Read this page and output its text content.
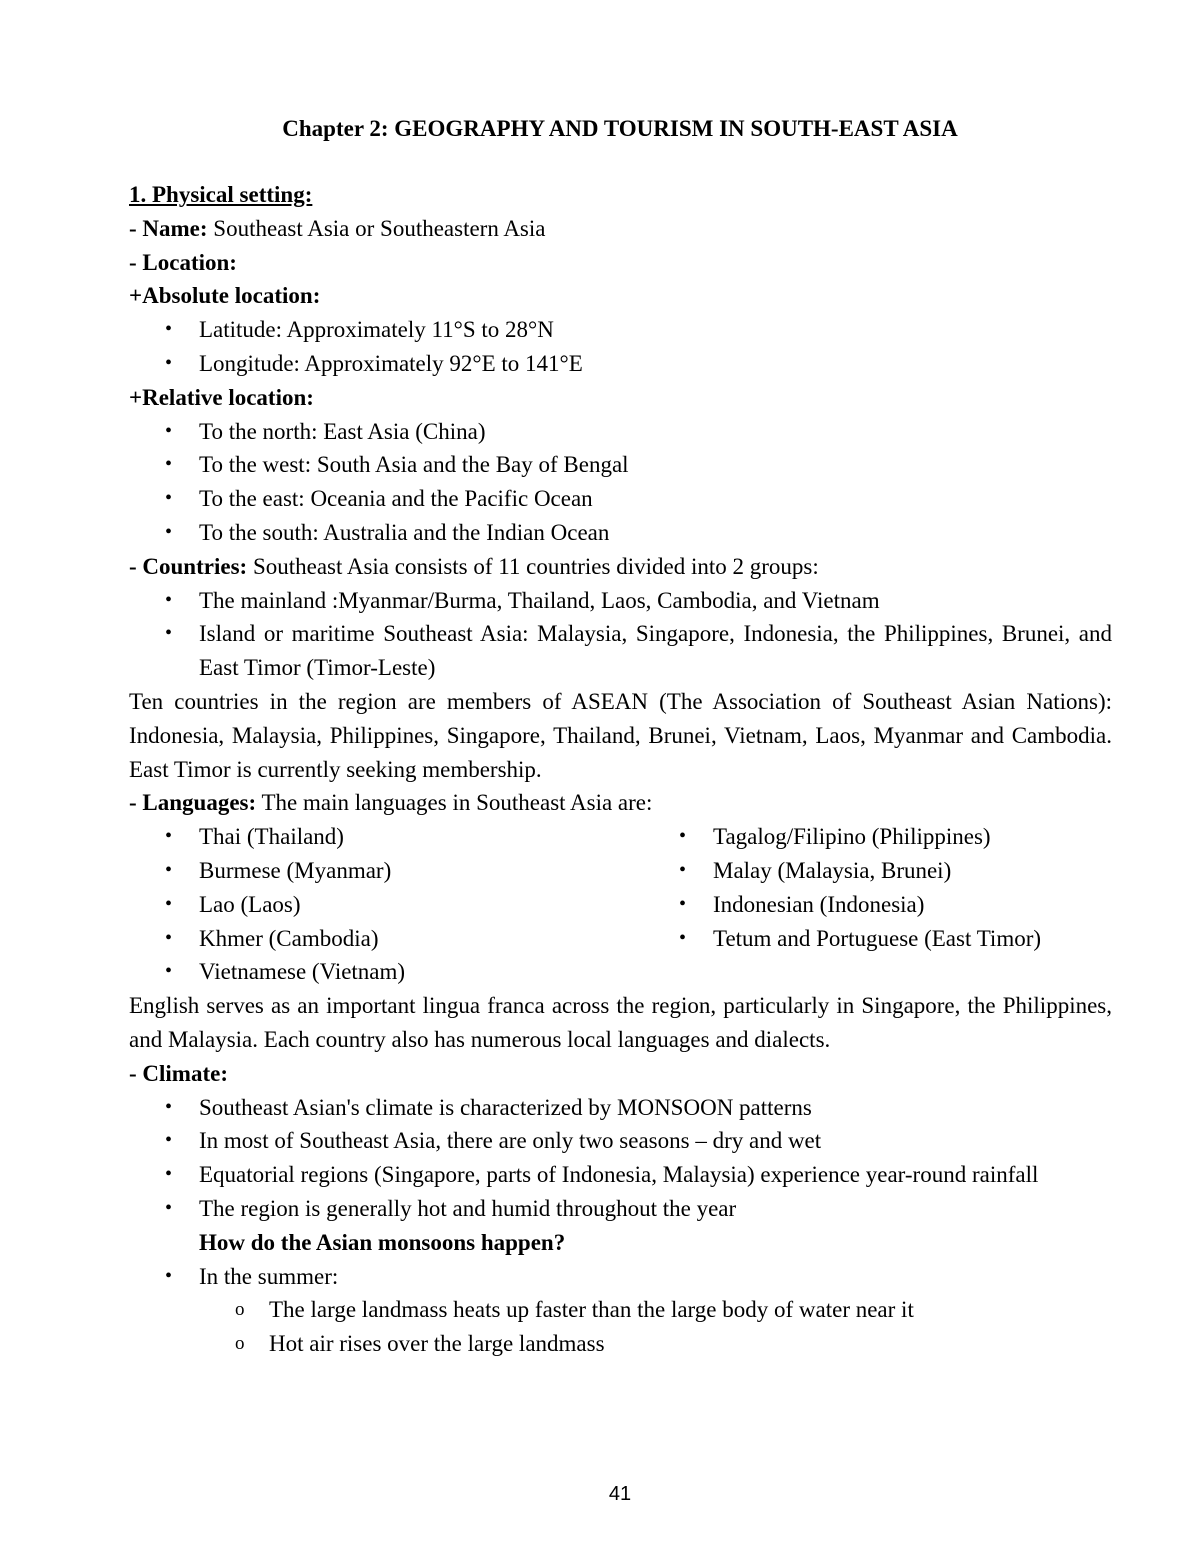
Chapter 2: GEOGRAPHY AND TOURISM IN SOUTH-EAST ASIA
1. Physical setting:
- Name: Southeast Asia or Southeastern Asia
- Location:
+Absolute location:
• Latitude: Approximately 11°S to 28°N
• Longitude: Approximately 92°E to 141°E
+Relative location:
• To the north: East Asia (China)
• To the west: South Asia and the Bay of Bengal
• To the east: Oceania and the Pacific Ocean
• To the south: Australia and the Indian Ocean
- Countries: Southeast Asia consists of 11 countries divided into 2 groups:
• The mainland :Myanmar/Burma, Thailand, Laos, Cambodia, and Vietnam
• Island or maritime Southeast Asia: Malaysia, Singapore, Indonesia, the Philippines, Brunei, and East Timor (Timor-Leste)
Ten countries in the region are members of ASEAN (The Association of Southeast Asian Nations): Indonesia, Malaysia, Philippines, Singapore, Thailand, Brunei, Vietnam, Laos, Myanmar and Cambodia. East Timor is currently seeking membership.
- Languages: The main languages in Southeast Asia are:
• Thai (Thailand)
• Burmese (Myanmar)
• Lao (Laos)
• Khmer (Cambodia)
• Vietnamese (Vietnam)
• Tagalog/Filipino (Philippines)
• Malay (Malaysia, Brunei)
• Indonesian (Indonesia)
• Tetum and Portuguese (East Timor)
English serves as an important lingua franca across the region, particularly in Singapore, the Philippines, and Malaysia. Each country also has numerous local languages and dialects.
- Climate:
• Southeast Asian's climate is characterized by MONSOON patterns
• In most of Southeast Asia, there are only two seasons – dry and wet
• Equatorial regions (Singapore, parts of Indonesia, Malaysia) experience year-round rainfall
• The region is generally hot and humid throughout the year
How do the Asian monsoons happen?
• In the summer:
o The large landmass heats up faster than the large body of water near it
o Hot air rises over the large landmass
41
